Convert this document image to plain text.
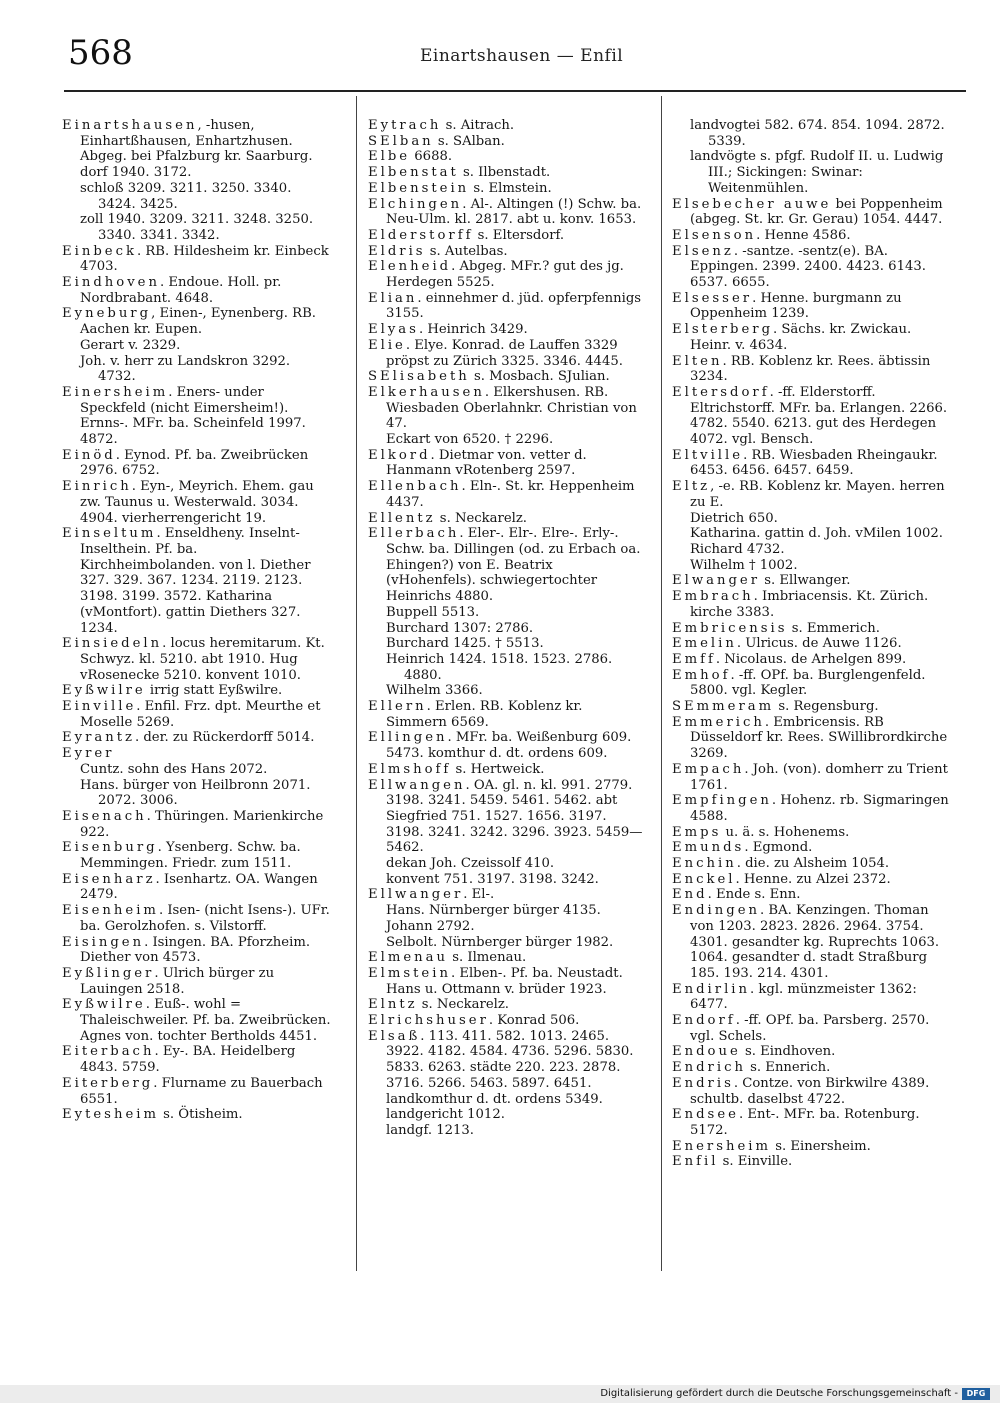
568	Einartshausen — Enfil

Einartshausen, -husen, Einhartßhausen, Enhartzhusen. Abgeg. bei Pfalzburg kr. Saarburg. dorf 1940. 3172.

schloß 3209. 3211. 3250. 3340. 3424. 3425.

zoll 1940. 3209. 3211. 3248. 3250. 3340. 3341. 3342.

Einbeck. RB. Hildesheim kr. Einbeck 4703.

Eindhoven. Endoue. Holl. pr. Nordbrabant. 4648.

Eyneburg, Einen-, Eynenberg. RB. Aachen kr. Eupen.

Gerart v. 2329.

Joh. v. herr zu Landskron 3292. 4732.

Einersheim. Eners- under Speckfeld (nicht Eimersheim!). Ernns-. MFr. ba. Scheinfeld 1997. 4872.

Einöd. Eynod. Pf. ba. Zweibrücken 2976. 6752.

Einrich. Eyn-, Meyrich. Ehem. gau zw. Taunus u. Westerwald. 3034. 4904. vierherrengericht 19.

Einseltum. Enseldheny. Inselnt-Inselthein. Pf. ba. Kirchheimbolanden. von l. Diether 327. 329. 367. 1234. 2119. 2123. 3198. 3199. 3572. Katharina (vMontfort). gattin Diethers 327. 1234.

Einsiedeln. locus heremitarum. Kt. Schwyz. kl. 5210. abt 1910. Hug vRosenecke 5210. konvent 1010.

Eyßwilre irrig statt Eyßwilre.

Einville. Enfil. Frz. dpt. Meurthe et Moselle 5269.

Eyrantz. der. zu Rückerdorff 5014.

Eyrer

Cuntz. sohn des Hans 2072.

Hans. bürger von Heilbronn 2071. 2072. 3006.

Eisenach. Thüringen. Marienkirche 922.

Eisenburg. Ysenberg. Schw. ba. Memmingen. Friedr. zum 1511.

Eisenharz. Isenhartz. OA. Wangen 2479.

Eisenheim. Isen- (nicht Isens-). UFr. ba. Gerolzhofen. s. Vilstorff.

Eisingen. Isingen. BA. Pforzheim. Diether von 4573.

Eyßlinger. Ulrich bürger zu Lauingen 2518.

Eyßwilre. Euß-. wohl = Thaleischweiler. Pf. ba. Zweibrücken. Agnes von. tochter Bertholds 4451.

Eiterbach. Ey-. BA. Heidelberg 4843. 5759.

Eiterberg. Flurname zu Bauerbach 6551.

Eytesheim s. Ötisheim.

Eytrach s. Aitrach.

SElban s. SAlban.

Elbe 6688.

Elbenstat s. Ilbenstadt.

Elbenstein s. Elmstein.

Elchingen. Al-. Altingen (!) Schw. ba. Neu-Ulm. kl. 2817. abt u. konv. 1653.

Elderstorff s. Eltersdorf.

Eldris s. Autelbas.

Elenheid. Abgeg. MFr.? gut des jg. Herdegen 5525.

Elian. einnehmer d. jüd. opferpfennigs 3155.

Elyas. Heinrich 3429.

Elie. Elye. Konrad. de Lauffen 3329 pröpst zu Zürich 3325. 3346. 4445.

SElisabeth s. Mosbach. SJulian.

Elkerhausen. Elkershusen. RB. Wiesbaden Oberlahnkr. Christian von 47.

Eckart von 6520. † 2296.

Elkord. Dietmar von. vetter d. Hanmann vRotenberg 2597.

Ellenbach. Eln-. St. kr. Heppenheim 4437.

Ellentz s. Neckarelz.

Ellerbach. Eler-. Elr-. Elre-. Erly-. Schw. ba. Dillingen (od. zu Erbach oa. Ehingen?) von E. Beatrix (vHohenfels). schwiegertochter Heinrichs 4880.

Buppell 5513.

Burchard 1307: 2786.

Burchard 1425. † 5513.

Heinrich 1424. 1518. 1523. 2786. 4880.

Wilhelm 3366.

Ellern. Erlen. RB. Koblenz kr. Simmern 6569.

Ellingen. MFr. ba. Weißenburg 609. 5473. komthur d. dt. ordens 609.

Elmshoff s. Hertweick.

Ellwangen. OA. gl. n. kl. 991. 2779. 3198. 3241. 5459. 5461. 5462. abt Siegfried 751. 1527. 1656. 3197. 3198. 3241. 3242. 3296. 3923. 5459—5462.

dekan Joh. Czeissolf 410.

konvent 751. 3197. 3198. 3242.

Ellwanger. El-.

Hans. Nürnberger bürger 4135.

Johann 2792.

Selbolt. Nürnberger bürger 1982.

Elmenau s. Ilmenau.

Elmstein. Elben-. Pf. ba. Neustadt. Hans u. Ottmann v. brüder 1923.

Elntz s. Neckarelz.

Elrichshuser. Konrad 506.

Elsaß. 113. 411. 582. 1013. 2465. 3922. 4182. 4584. 4736. 5296. 5830. 5833. 6263. städte 220. 223. 2878. 3716. 5266. 5463. 5897. 6451.

landkomthur d. dt. ordens 5349.

landgericht 1012.

landgf. 1213.

landvogtei 582. 674. 854. 1094. 2872. 5339.

landvögte s. pfgf. Rudolf II. u. Ludwig III.; Sickingen: Swinar: Weitenmühlen.

Elsebecher auwe bei Poppenheim (abgeg. St. kr. Gr. Gerau) 1054. 4447.

Elsenson. Henne 4586.

Elsenz. -santze. -sentz(e). BA. Eppingen. 2399. 2400. 4423. 6143. 6537. 6655.

Elsesser. Henne. burgmann zu Oppenheim 1239.

Elsterberg. Sächs. kr. Zwickau. Heinr. v. 4634.

Elten. RB. Koblenz kr. Rees. äbtissin 3234.

Eltersdorf. -ff. Elderstorff. Eltrichstorff. MFr. ba. Erlangen. 2266. 4782. 5540. 6213. gut des Herdegen 4072. vgl. Bensch.

Eltville. RB. Wiesbaden Rheingaukr. 6453. 6456. 6457. 6459.

Eltz, -e. RB. Koblenz kr. Mayen. herren zu E.

Dietrich 650.

Katharina. gattin d. Joh. vMilen 1002.

Richard 4732.

Wilhelm † 1002.

Elwanger s. Ellwanger.

Embrach. Imbriacensis. Kt. Zürich. kirche 3383.

Embricensis s. Emmerich.

Emelin. Ulricus. de Auwe 1126.

Emff. Nicolaus. de Arhelgen 899.

Emhof. -ff. OPf. ba. Burglengenfeld. 5800. vgl. Kegler.

SEmmeram s. Regensburg.

Emmerich. Embricensis. RB Düsseldorf kr. Rees. SWillibrordkirche 3269.

Empach. Joh. (von). domherr zu Trient 1761.

Empfingen. Hohenz. rb. Sigmaringen 4588.

Emps u. ä. s. Hohenems.

Emunds. Egmond.

Enchin. die. zu Alsheim 1054.

Enckel. Henne. zu Alzei 2372.

End. Ende s. Enn.

Endingen. BA. Kenzingen. Thoman von 1203. 2823. 2826. 2964. 3754. 4301. gesandter kg. Ruprechts 1063. 1064. gesandter d. stadt Straßburg 185. 193. 214. 4301.

Endirlin. kgl. münzmeister 1362: 6477.

Endorf. -ff. OPf. ba. Parsberg. 2570. vgl. Schels.

Endoue s. Eindhoven.

Endrich s. Ennerich.

Endris. Contze. von Birkwilre 4389. schultb. daselbst 4722.

Endsee. Ent-. MFr. ba. Rotenburg. 5172.

Enersheim s. Einersheim.

Enfil s. Einville.

Digitalisierung gefördert durch die Deutsche Forschungsgemeinschaft -	DFG
